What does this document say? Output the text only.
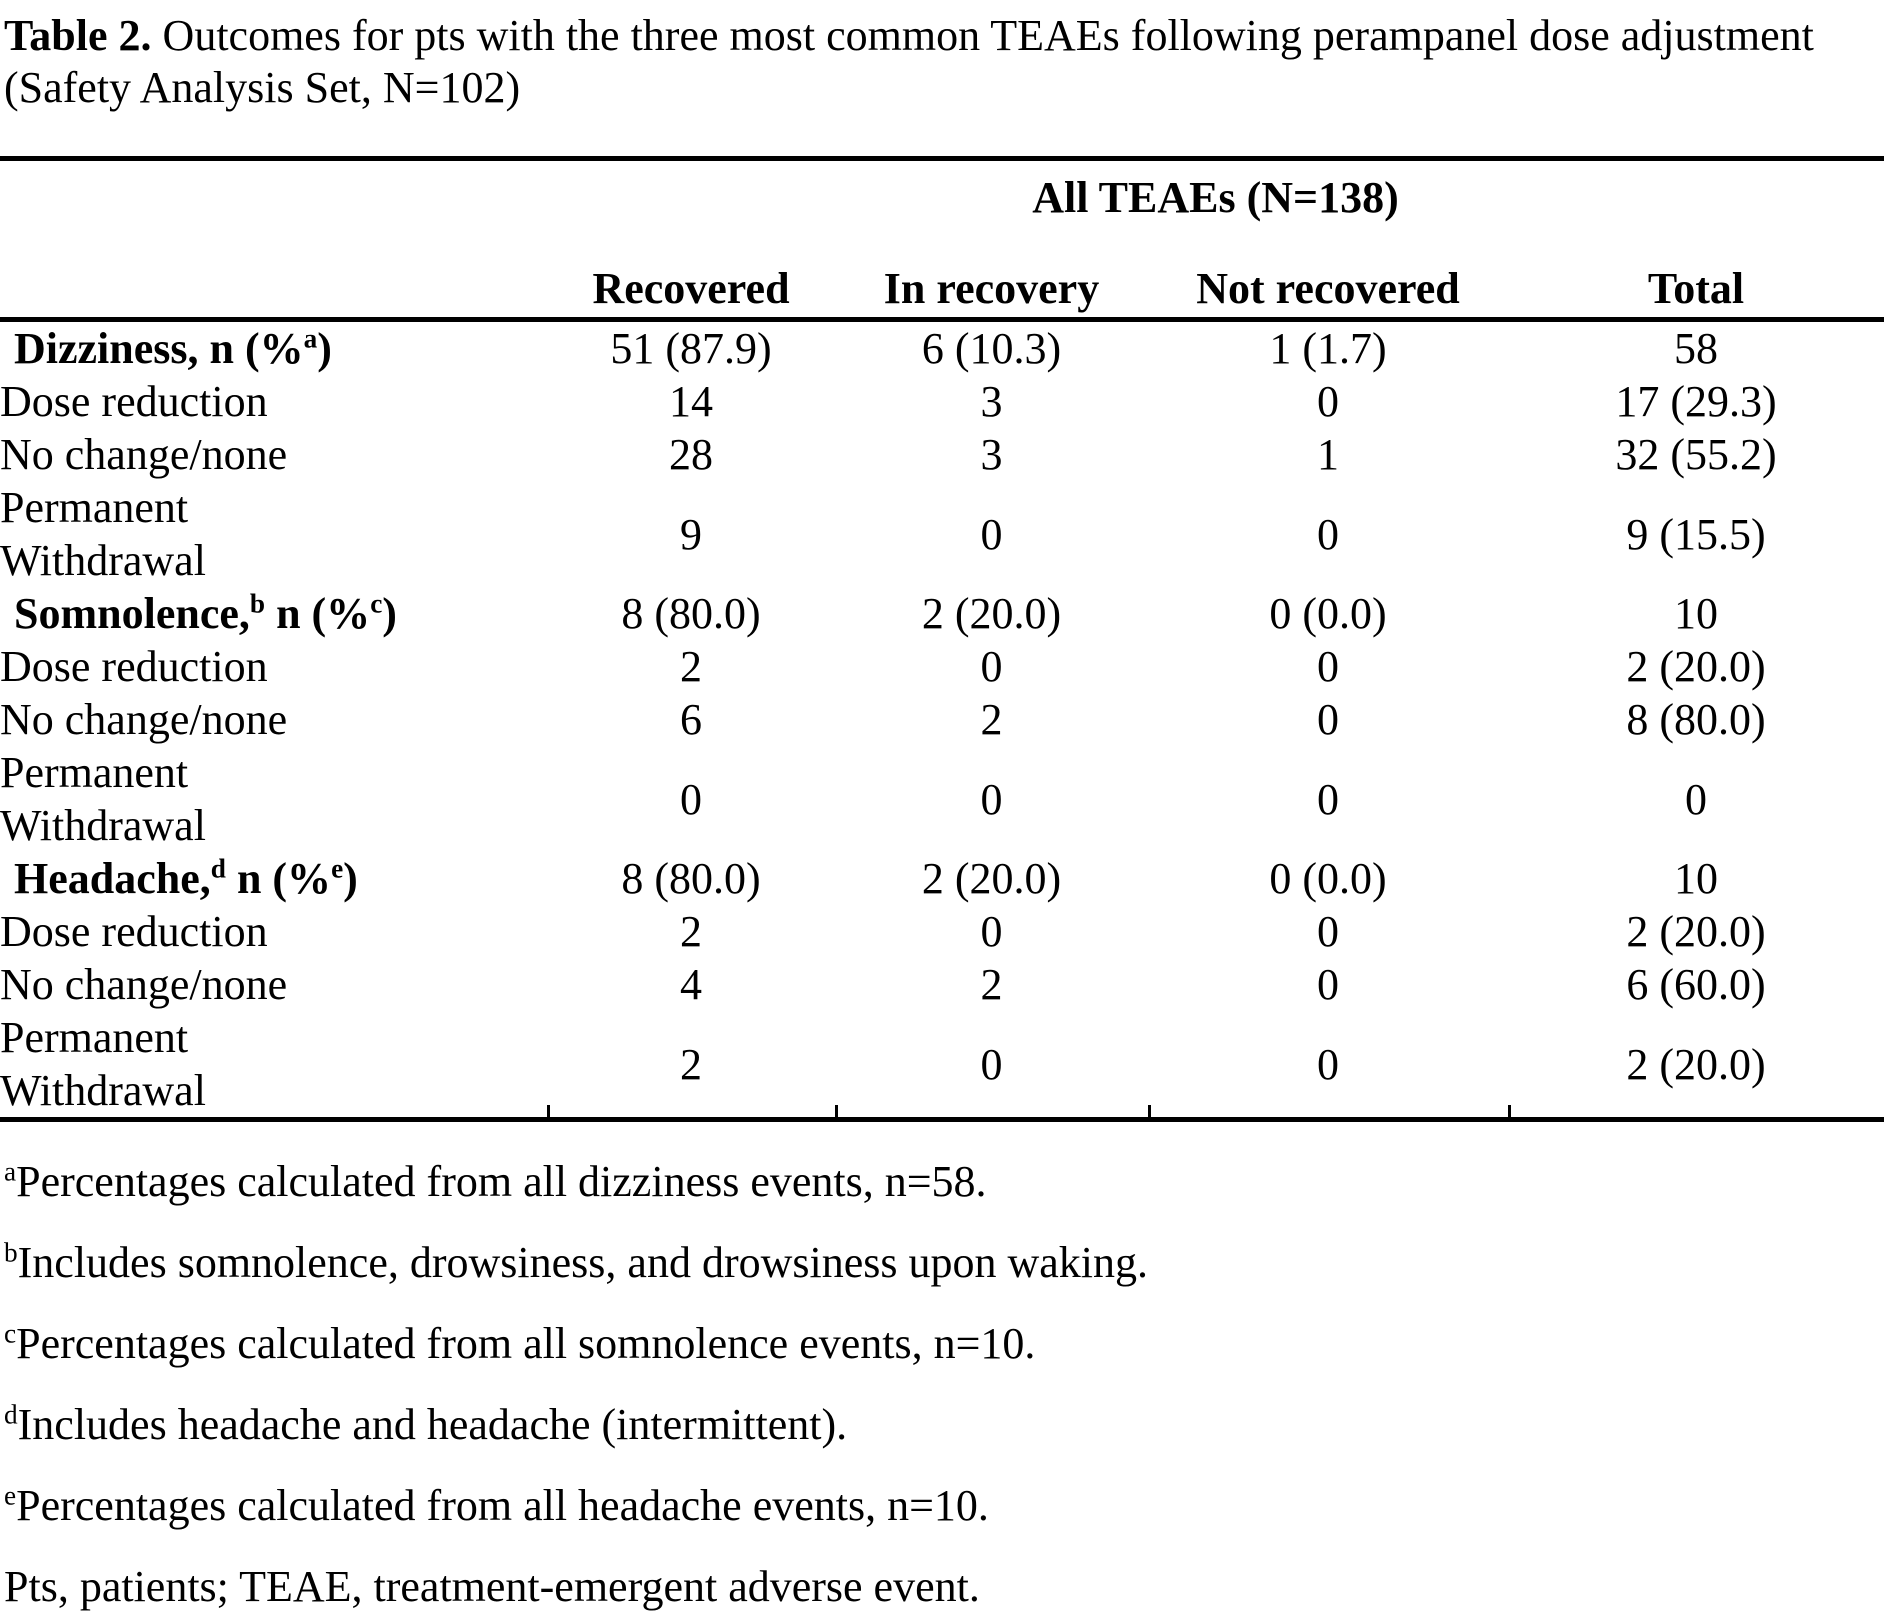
Table 2. Outcomes for pts with the three most common TEAEs following perampanel dose adjustment (Safety Analysis Set, N=102)

	All TEAEs (N=138)			
	Recovered	In recovery	Not recovered	Total
Dizziness, n (%$^a$)	51 (87.9)	6 (10.3)	1 (1.7)	58
Dose reduction	14	3	0	17 (29.3)
No change/none	28	3	1	32 (55.2)
Permanent
Withdrawal	9	0	0	9 (15.5)
Somnolence,$^b$ n (%$^c$)	8 (80.0)	2 (20.0)	0 (0.0)	10
Dose reduction	2	0	0	2 (20.0)
No change/none	6	2	0	8 (80.0)
Permanent
Withdrawal	0	0	0	0
Headache,$^d$ n (%$^e$)	8 (80.0)	2 (20.0)	0 (0.0)	10
Dose reduction	2	0	0	2 (20.0)
No change/none	4	2	0	6 (60.0)
Permanent
Withdrawal	2	0	0	2 (20.0)

$^a$Percentages calculated from all dizziness events, n=58.

$^b$Includes somnolence, drowsiness, and drowsiness upon waking.

$^c$Percentages calculated from all somnolence events, n=10.

$^d$Includes headache and headache (intermittent).

$^e$Percentages calculated from all headache events, n=10.

Pts, patients; TEAE, treatment-emergent adverse event.
